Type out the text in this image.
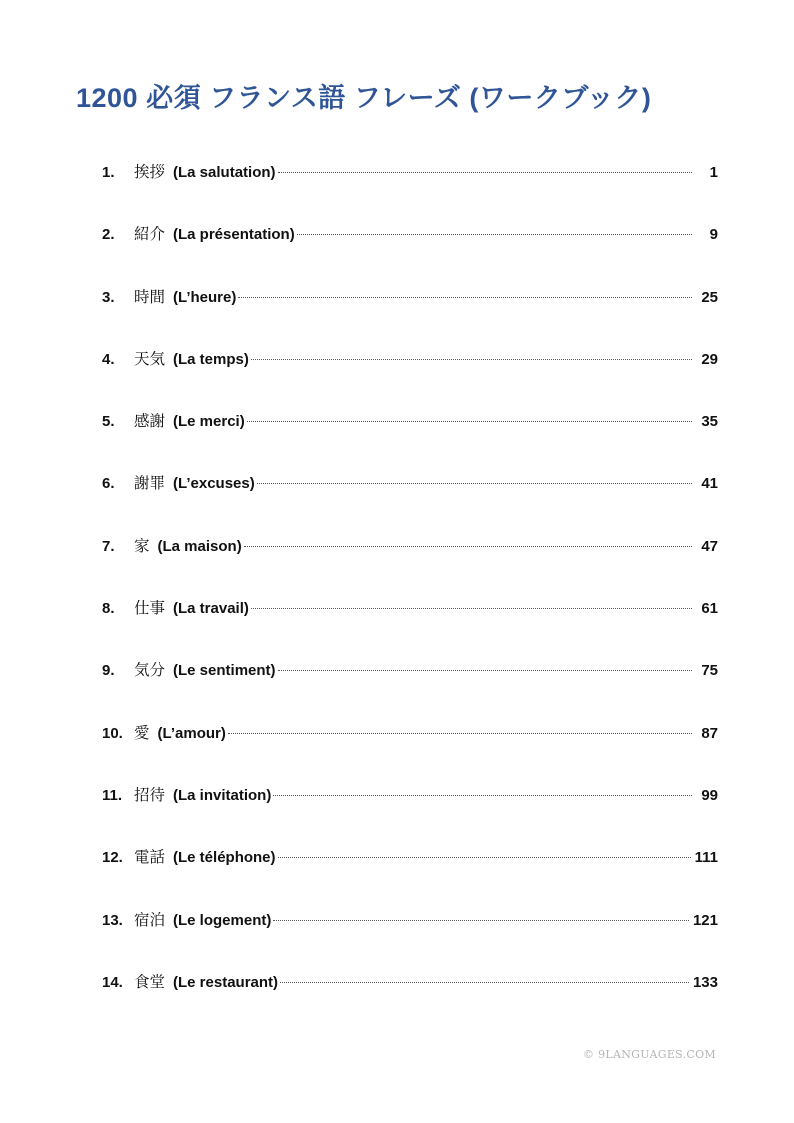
1200 必須 フランス語 フレーズ (ワークブック)
1.	挨拶 (La salutation)	1
2.	紹介 (La présentation)	9
3.	時間 (L’heure)	25
4.	天気 (La temps)	29
5.	感謝 (Le merci)	35
6.	謝罪 (L’excuses)	41
7.	家 (La maison)	47
8.	仕事 (La travail)	61
9.	気分 (Le sentiment)	75
10. 愛 (L’amour)	87
11. 招待 (La invitation)	99
12. 電話 (Le téléphone)	111
13. 宿泊 (Le logement)	121
14. 食堂 (Le restaurant)	133
© 9LANGUAGES.COM
